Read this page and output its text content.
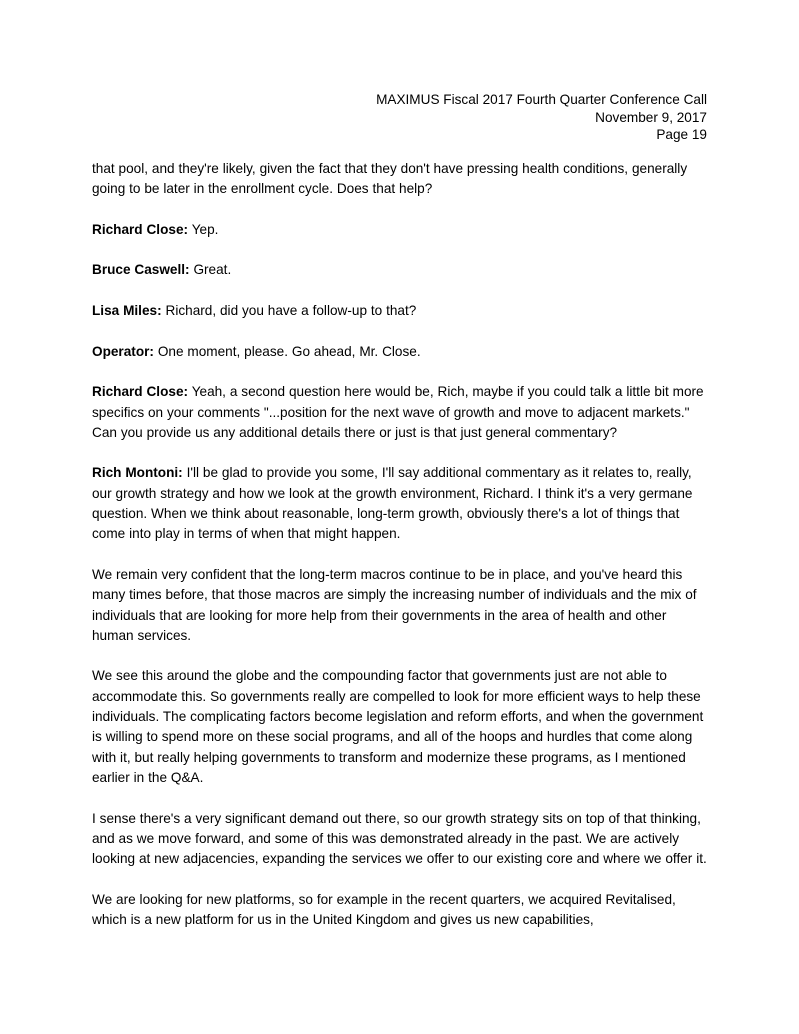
MAXIMUS Fiscal 2017 Fourth Quarter Conference Call
November 9, 2017
Page 19

that pool, and they're likely, given the fact that they don't have pressing health conditions, generally going to be later in the enrollment cycle. Does that help?

Richard Close: Yep.

Bruce Caswell: Great.

Lisa Miles: Richard, did you have a follow-up to that?

Operator: One moment, please. Go ahead, Mr. Close.

Richard Close: Yeah, a second question here would be, Rich, maybe if you could talk a little bit more specifics on your comments "...position for the next wave of growth and move to adjacent markets." Can you provide us any additional details there or just is that just general commentary?

Rich Montoni: I'll be glad to provide you some, I'll say additional commentary as it relates to, really, our growth strategy and how we look at the growth environment, Richard. I think it's a very germane question. When we think about reasonable, long-term growth, obviously there's a lot of things that come into play in terms of when that might happen.

We remain very confident that the long-term macros continue to be in place, and you've heard this many times before, that those macros are simply the increasing number of individuals and the mix of individuals that are looking for more help from their governments in the area of health and other human services.

We see this around the globe and the compounding factor that governments just are not able to accommodate this. So governments really are compelled to look for more efficient ways to help these individuals. The complicating factors become legislation and reform efforts, and when the government is willing to spend more on these social programs, and all of the hoops and hurdles that come along with it, but really helping governments to transform and modernize these programs, as I mentioned earlier in the Q&A.

I sense there's a very significant demand out there, so our growth strategy sits on top of that thinking, and as we move forward, and some of this was demonstrated already in the past. We are actively looking at new adjacencies, expanding the services we offer to our existing core and where we offer it.

We are looking for new platforms, so for example in the recent quarters, we acquired Revitalised, which is a new platform for us in the United Kingdom and gives us new capabilities,
